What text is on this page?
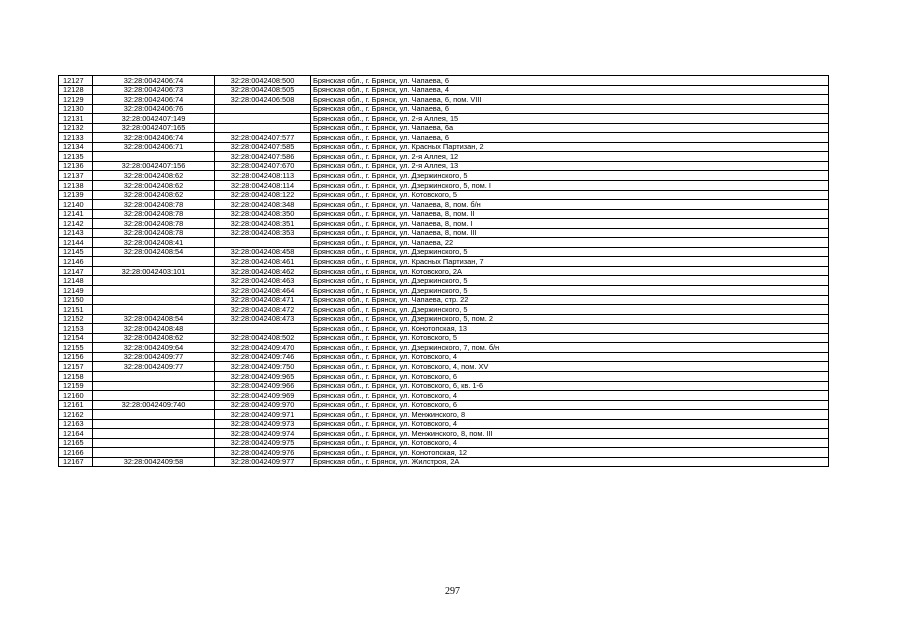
12127	32:28:0042406:74	32:28:0042408:500	Брянская обл., г. Брянск, ул. Чапаева, 6
12128	32:28:0042406:73	32:28:0042408:505	Брянская обл., г. Брянск, ул. Чапаева, 4
12129	32:28:0042406:74	32:28:0042406:508	Брянская обл., г. Брянск, ул. Чапаева, 6, пом. VIII
12130	32:28:0042406:76		Брянская обл., г. Брянск, ул. Чапаева, 6
12131	32:28:0042407:149		Брянская обл., г. Брянск, ул. 2-я Аллея, 15
12132	32:28:0042407:165		Брянская обл., г. Брянск, ул. Чапаева, 6а
12133	32:28:0042406:74	32:28:0042407:577	Брянская обл., г. Брянск, ул. Чапаева, 6
12134	32:28:0042406:71	32:28:0042407:585	Брянская обл., г. Брянск, ул. Красных Партизан, 2
12135		32:28:0042407:586	Брянская обл., г. Брянск, ул. 2-я Аллея, 12
12136	32:28:0042407:156	32:28:0042407:670	Брянская обл., г. Брянск, ул. 2-я Аллея, 13
12137	32:28:0042408:62	32:28:0042408:113	Брянская обл., г. Брянск, ул. Дзержинского, 5
12138	32:28:0042408:62	32:28:0042408:114	Брянская обл., г. Брянск, ул. Дзержинского, 5, пом. I
12139	32:28:0042408:62	32:28:0042408:122	Брянская обл., г. Брянск, ул. Котовского, 5
12140	32:28:0042408:78	32:28:0042408:348	Брянская обл., г. Брянск, ул. Чапаева, 8, пом. б/н
12141	32:28:0042408:78	32:28:0042408:350	Брянская обл., г. Брянск, ул. Чапаева, 8, пом. II
12142	32:28:0042408:78	32:28:0042408:351	Брянская обл., г. Брянск, ул. Чапаева, 8, пом. I
12143	32:28:0042408:78	32:28:0042408:353	Брянская обл., г. Брянск, ул. Чапаева, 8, пом. III
12144	32:28:0042408:41		Брянская обл., г. Брянск, ул. Чапаева, 22
12145	32:28:0042408:54	32:28:0042408:458	Брянская обл., г. Брянск, ул. Дзержинского, 5
12146		32:28:0042408:461	Брянская обл., г. Брянск, ул. Красных Партизан, 7
12147	32:28:0042403:101	32:28:0042408:462	Брянская обл., г. Брянск, ул. Котовского, 2А
12148		32:28:0042408:463	Брянская обл., г. Брянск, ул. Дзержинского, 5
12149		32:28:0042408:464	Брянская обл., г. Брянск, ул. Дзержинского, 5
12150		32:28:0042408:471	Брянская обл., г. Брянск, ул. Чапаева, стр. 22
12151		32:28:0042408:472	Брянская обл., г. Брянск, ул. Дзержинского, 5
12152	32:28:0042408:54	32:28:0042408:473	Брянская обл., г. Брянск, ул. Дзержинского, 5, пом. 2
12153	32:28:0042408:48		Брянская обл., г. Брянск, ул. Конотопская, 13
12154	32:28:0042408:62	32:28:0042408:502	Брянская обл., г. Брянск, ул. Котовского, 5
12155	32:28:0042409:64	32:28:0042409:470	Брянская обл., г. Брянск, ул. Дзержинского, 7, пом. б/н
12156	32:28:0042409:77	32:28:0042409:746	Брянская обл., г. Брянск, ул. Котовского, 4
12157	32:28:0042409:77	32:28:0042409:750	Брянская обл., г. Брянск, ул. Котовского, 4, пом. XV
12158		32:28:0042409:965	Брянская обл., г. Брянск, ул. Котовского, 6
12159		32:28:0042409:966	Брянская обл., г. Брянск, ул. Котовского, 6, кв. 1-6
12160		32:28:0042409:969	Брянская обл., г. Брянск, ул. Котовского, 4
12161	32:28:0042409:740	32:28:0042409:970	Брянская обл., г. Брянск, ул. Котовского, 6
12162		32:28:0042409:971	Брянская обл., г. Брянск, ул. Менжинского, 8
12163		32:28:0042409:973	Брянская обл., г. Брянск, ул. Котовского, 4
12164		32:28:0042409:974	Брянская обл., г. Брянск, ул. Менжинского, 8, пом. III
12165		32:28:0042409:975	Брянская обл., г. Брянск, ул. Котовского, 4
12166		32:28:0042409:976	Брянская обл., г. Брянск, ул. Конотопская, 12
12167	32:28:0042409:58	32:28:0042409:977	Брянская обл., г. Брянск, ул. Жилстроя, 2А
297
